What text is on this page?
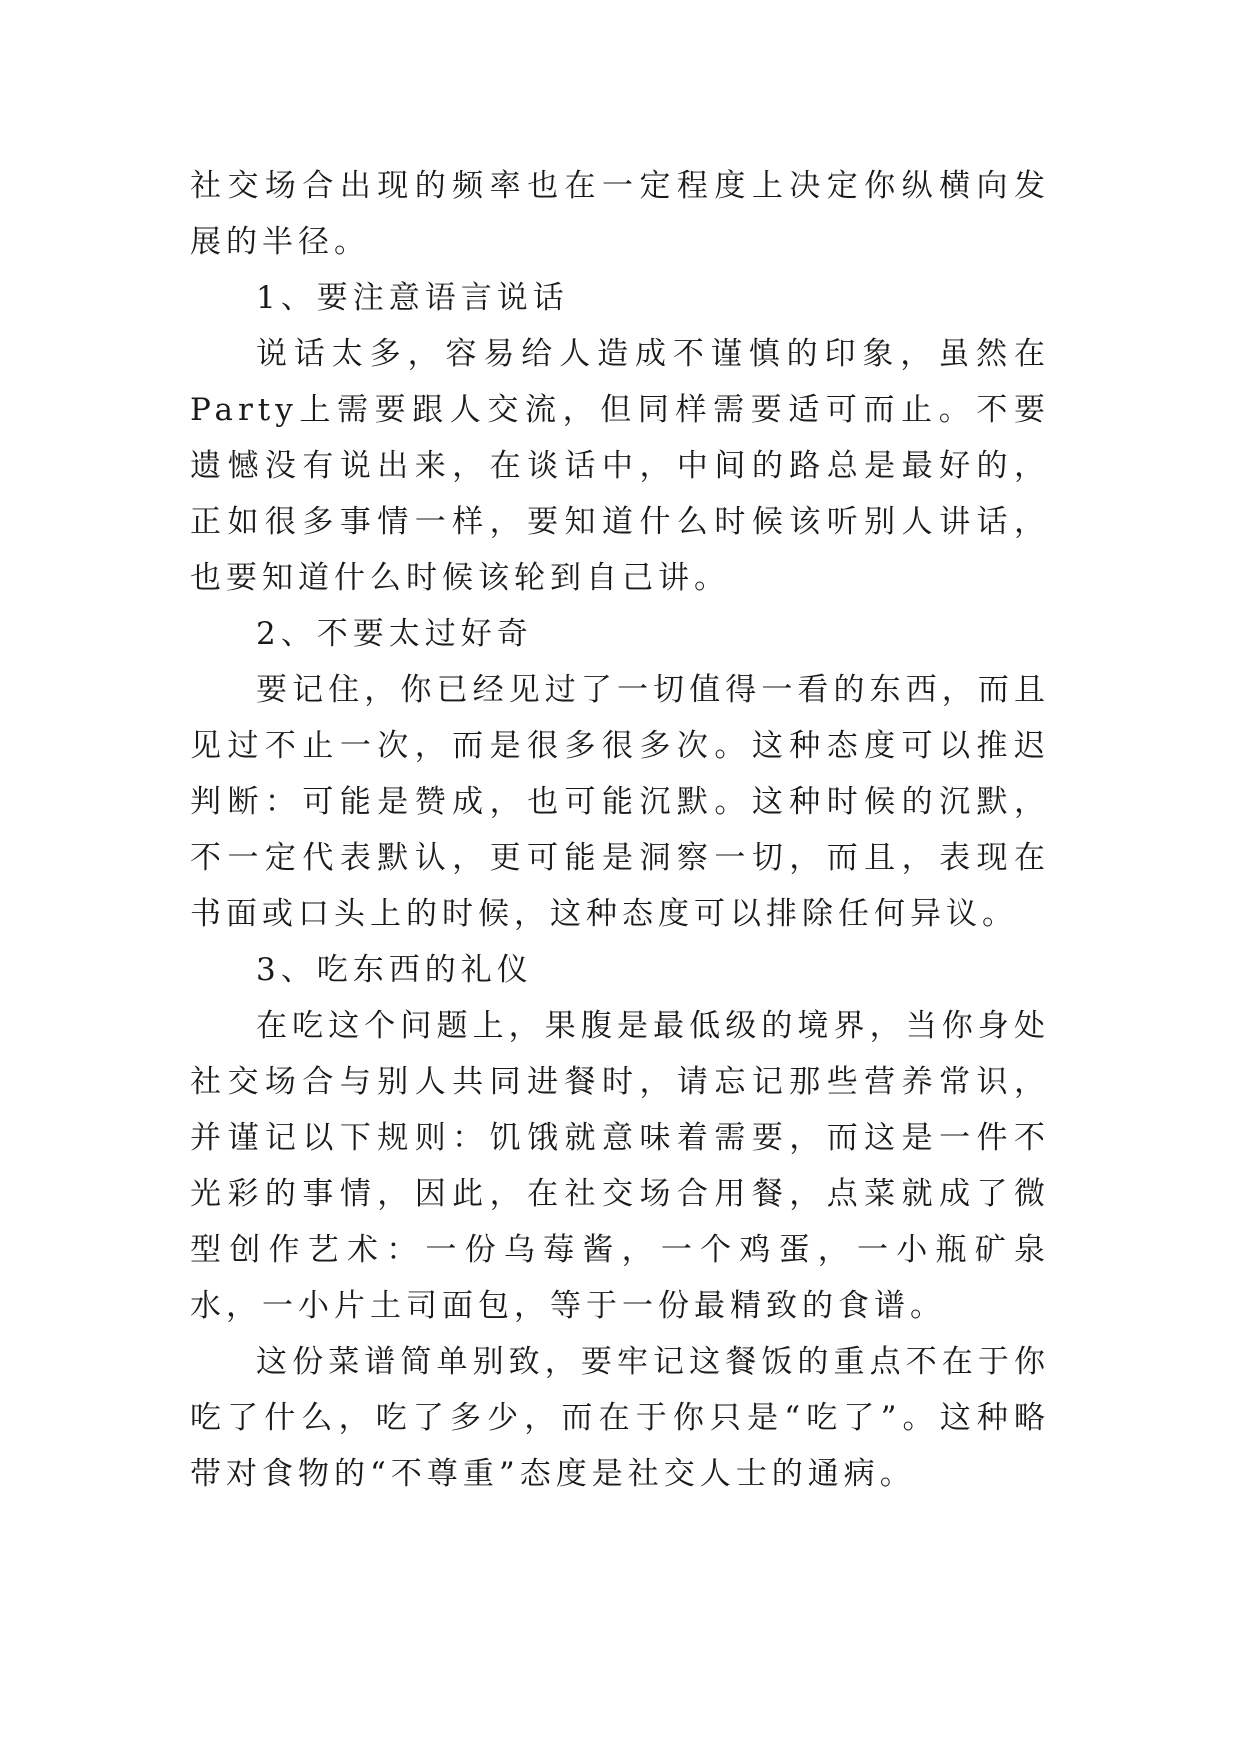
社交场合出现的频率也在一定程度上决定你纵横向发展的半径。

1、要注意语言说话

说话太多，容易给人造成不谨慎的印象，虽然在Party上需要跟人交流，但同样需要适可而止。不要遗憾没有说出来，在谈话中，中间的路总是最好的，正如很多事情一样，要知道什么时候该听别人讲话，也要知道什么时候该轮到自己讲。

2、不要太过好奇

要记住，你已经见过了一切值得一看的东西，而且见过不止一次，而是很多很多次。这种态度可以推迟判断：可能是赞成，也可能沉默。这种时候的沉默，不一定代表默认，更可能是洞察一切，而且，表现在书面或口头上的时候，这种态度可以排除任何异议。

3、吃东西的礼仪

在吃这个问题上，果腹是最低级的境界，当你身处社交场合与别人共同进餐时，请忘记那些营养常识，并谨记以下规则：饥饿就意味着需要，而这是一件不光彩的事情，因此，在社交场合用餐，点菜就成了微型创作艺术：一份乌莓酱，一个鸡蛋，一小瓶矿泉水，一小片土司面包，等于一份最精致的食谱。

这份菜谱简单别致，要牢记这餐饭的重点不在于你吃了什么，吃了多少，而在于你只是“吃了”。这种略带对食物的“不尊重”态度是社交人士的通病。
